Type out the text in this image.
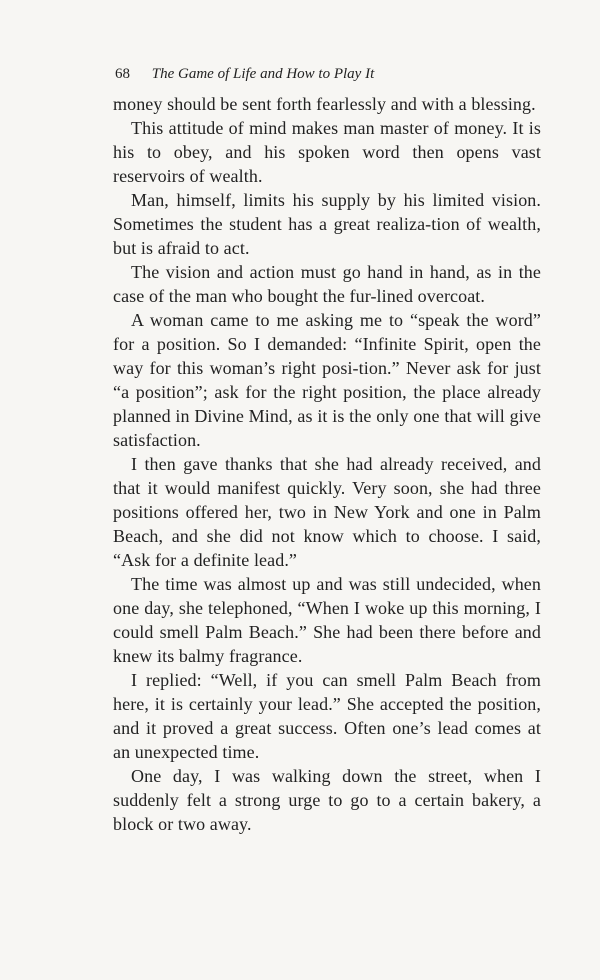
68 The Game of Life and How to Play It

money should be sent forth fearlessly and with a blessing.

This attitude of mind makes man master of money. It is his to obey, and his spoken word then opens vast reservoirs of wealth.

Man, himself, limits his supply by his limited vision. Sometimes the student has a great realiza-tion of wealth, but is afraid to act.

The vision and action must go hand in hand, as in the case of the man who bought the fur-lined overcoat.

A woman came to me asking me to “speak the word” for a position. So I demanded: “Infinite Spirit, open the way for this woman’s right posi-tion.” Never ask for just “a position”; ask for the right position, the place already planned in Divine Mind, as it is the only one that will give satisfaction.

I then gave thanks that she had already received, and that it would manifest quickly. Very soon, she had three positions offered her, two in New York and one in Palm Beach, and she did not know which to choose. I said, “Ask for a definite lead.”

The time was almost up and was still undecided, when one day, she telephoned, “When I woke up this morning, I could smell Palm Beach.” She had been there before and knew its balmy fragrance.

I replied: “Well, if you can smell Palm Beach from here, it is certainly your lead.” She accepted the position, and it proved a great success. Often one’s lead comes at an unexpected time.

One day, I was walking down the street, when I suddenly felt a strong urge to go to a certain bakery, a block or two away.
